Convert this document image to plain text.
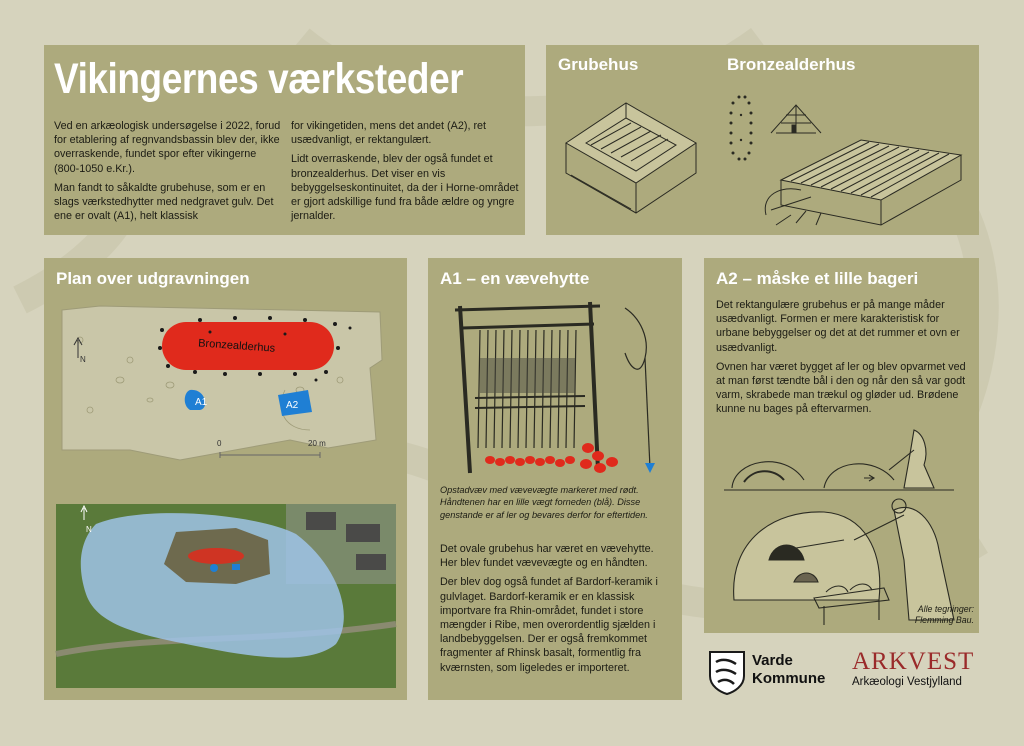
Vikingernes værksteder

Ved en arkæologisk undersøgelse i 2022, forud for etablering af regnvandsbassin blev der, ikke overraskende, fundet spor efter vikingerne (800-1050 e.Kr.).

Man fandt to såkaldte grubehuse, som er en slags værkstedhytter med nedgravet gulv. Det ene er ovalt (A1), helt klassisk

for vikingetiden, mens det andet (A2), ret usædvanligt, er rektangulært.

Lidt overraskende, blev der også fundet et bronzealderhus. Det viser en vis bebyggelseskontinuitet, da der i Horne-området er gjort adskillige fund fra både ældre og yngre jernalder.

Grubehus	Bronzealderhus
Plan over udgravningen
Bronzealderhus
A1	A2
N
0	20 m
N
A1 – en vævehytte
Opstadvæv med vævevægte markeret med rødt. Håndtenen har en lille vægt forneden (blå). Disse genstande er af ler og bevares derfor for eftertiden.

Det ovale grubehus har været en vævehytte. Her blev fundet vævevægte og en håndten.

Der blev dog også fundet af Bardorf-keramik i gulvlaget. Bardorf-keramik er en klassisk importvare fra Rhin-området, fundet i store mængder i Ribe, men overordentlig sjælden i landbebyggelsen. Der er også fremkommet fragmenter af Rhinsk basalt, formentlig fra kværnsten, som ligeledes er importeret.

A2 – måske et lille bageri

Det rektangulære grubehus er på mange måder usædvanligt. Formen er mere karakteristisk for urbane bebyggelser og det at det rummer et ovn er usædvanligt.

Ovnen har været bygget af ler og blev opvarmet ved at man først tændte bål i den og når den så var godt varm, skrabede man trækul og gløder ud. Brødene kunne nu bages på eftervarmen.

Alle tegninger:
Flemming Bau.
Varde
Kommune
ARKVEST
Arkæologi Vestjylland
